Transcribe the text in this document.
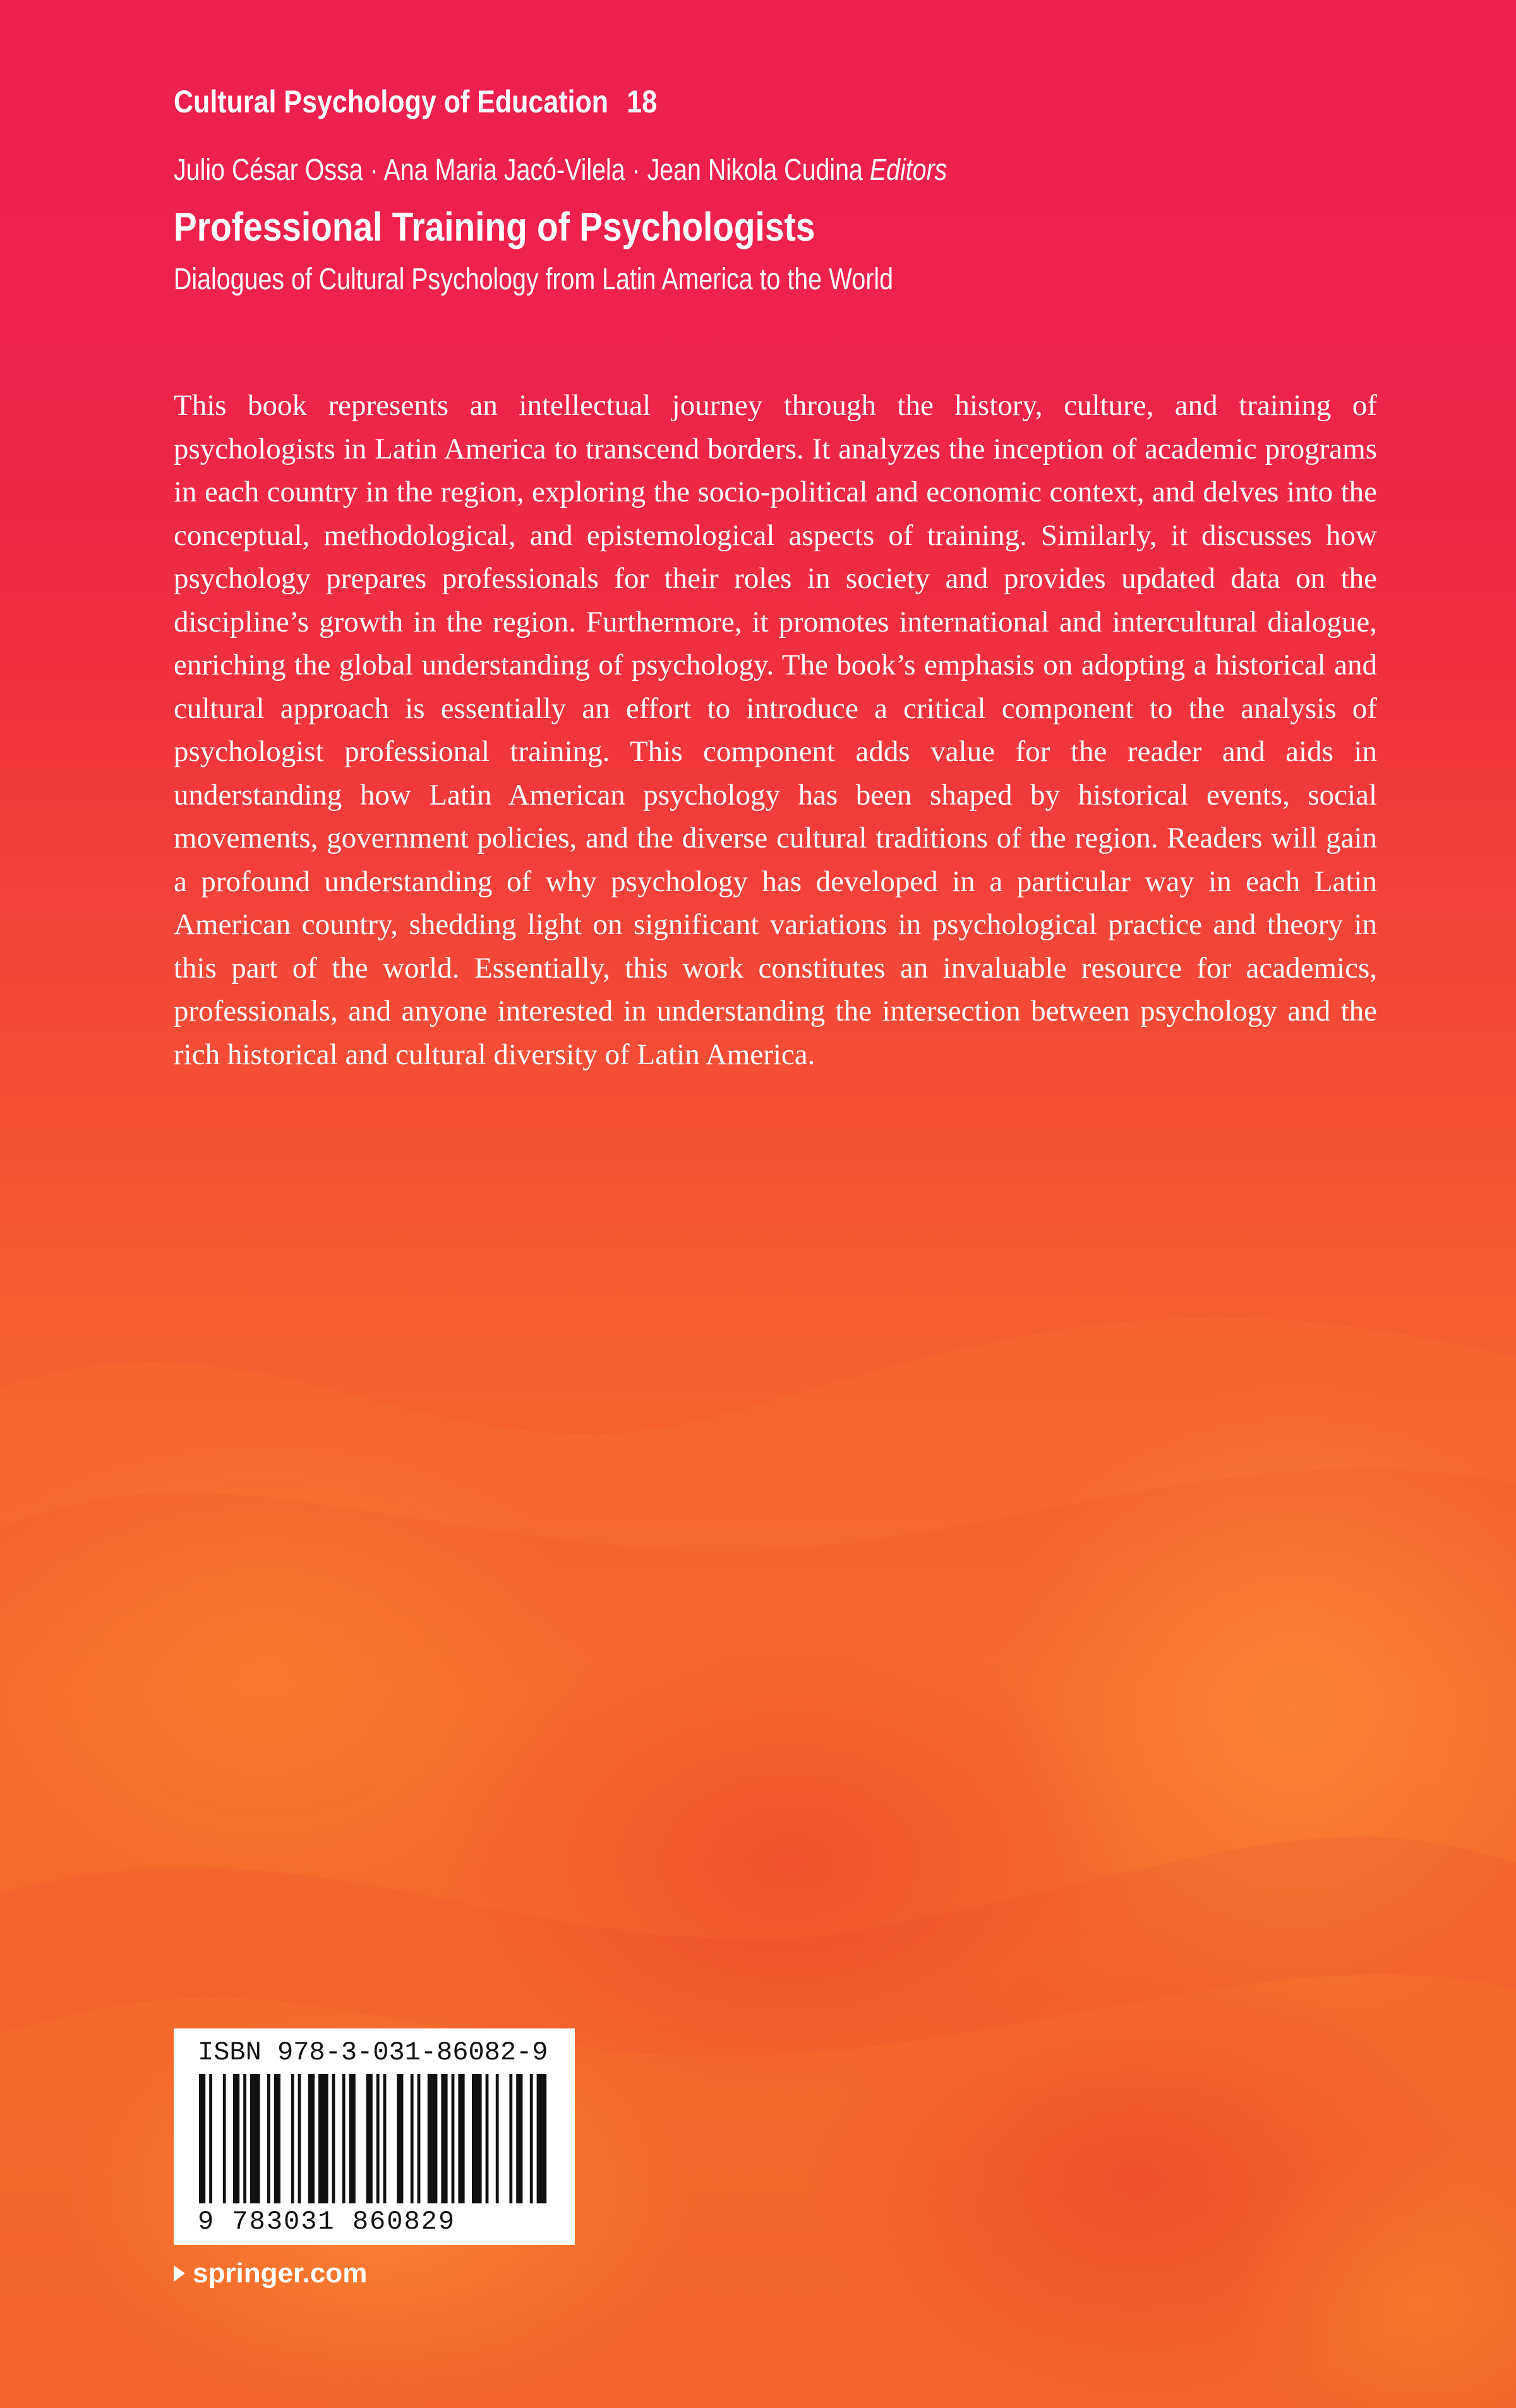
Cultural Psychology of Education 18
Julio César Ossa · Ana Maria Jacó-Vilela · Jean Nikola Cudina Editors
Professional Training of Psychologists
Dialogues of Cultural Psychology from Latin America to the World

This book represents an intellectual journey through the history, culture, and training of psychologists in Latin America to transcend borders. It analyzes the inception of academic programs in each country in the region, exploring the socio-political and economic context, and delves into the conceptual, methodological, and epistemological aspects of training. Similarly, it discusses how psychology prepares professionals for their roles in society and provides updated data on the discipline’s growth in the region. Furthermore, it promotes international and intercultural dialogue, enriching the global understanding of psychology. The book’s emphasis on adopting a historical and cultural approach is essentially an effort to introduce a critical component to the analysis of psychologist professional training. This component adds value for the reader and aids in understanding how Latin American psychology has been shaped by historical events, social movements, government policies, and the diverse cultural traditions of the region. Readers will gain a profound understanding of why psychology has developed in a particular way in each Latin American country, shedding light on significant variations in psychological practice and theory in this part of the world. Essentially, this work constitutes an invaluable resource for academics, professionals, and anyone interested in understanding the intersection between psychology and the rich historical and cultural diversity of Latin America.

ISBN 978-3-031-86082-9
9 783031 860829
springer.com
